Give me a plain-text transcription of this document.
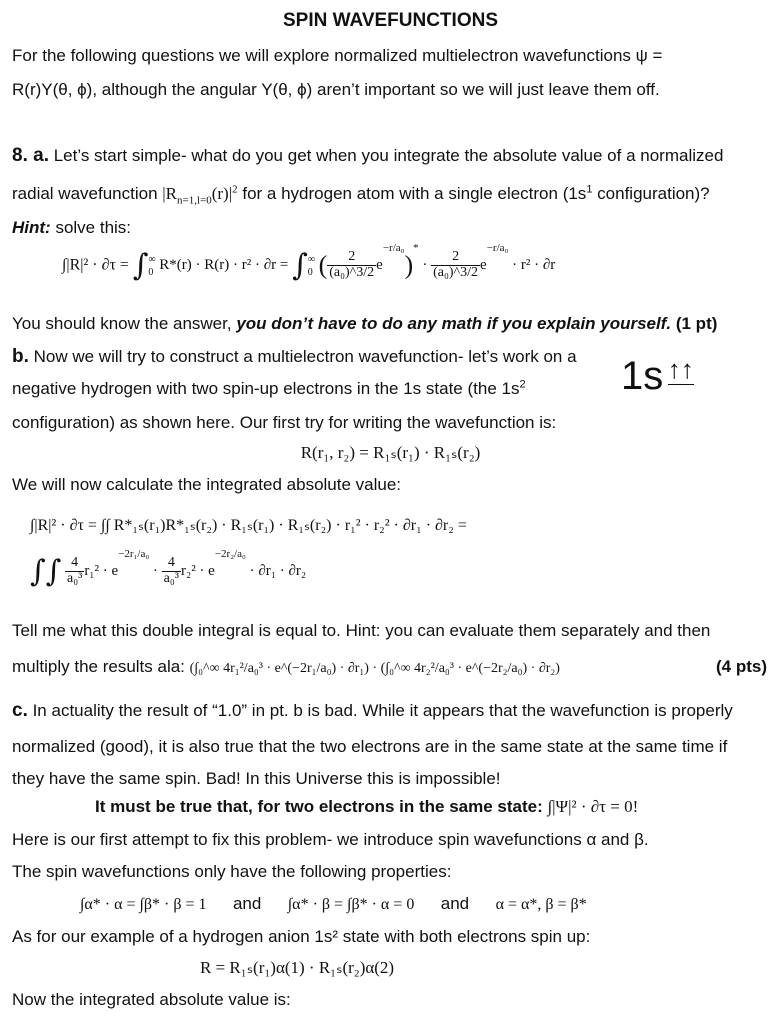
SPIN WAVEFUNCTIONS
For the following questions we will explore normalized multielectron wavefunctions ψ =
R(r)Y(θ, ϕ), although the angular Y(θ, ϕ) aren’t important so we will just leave them off.
8. a. Let’s start simple- what do you get when you integrate the absolute value of a normalized
radial wavefunction $|R_{n=1,l=0}(r)|^2$ for a hydrogen atom with a single electron ($1s^1$ configuration)?
Hint: solve this:
∫|R|² · ∂τ = ∫ ∞
0 R*(r) · R(r) · r² · ∂r = ∫ ∞
0 ( $\frac{2}{\text{(a₀)\textasciicircum{}3/2}} e^{-r/a_0})^* \cdot \frac{2}{\text{(a₀)\textasciicircum{}3/2}} e^{-r/a_0} \cdot r^2 \cdot \partial r$
You should know the answer, you don’t have to do any math if you explain yourself. (1 pt)
b. Now we will try to construct a multielectron wavefunction- let’s work on a
negative hydrogen with two spin-up electrons in the 1s state (the $1s^2$ 1s ↑↑
configuration) as shown here. Our first try for writing the wavefunction is:
R(r₁, r₂) = R₁ₛ(r₁) · R₁ₛ(r₂)
We will now calculate the integrated absolute value:
∫|R|² · ∂τ = ∫∫ R*₁ₛ(r₁)R*₁ₛ(r₂) · R₁ₛ(r₁) · R₁ₛ(r₂) · r₁² · r₂² · ∂r₁ · ∂r₂ =
∫∫ $\frac{4}{\text{a₀³}} r_1^2 \cdot e^{-2r_1/a_0} \cdot \frac{4}{\text{a₀³}} r_2^2 \cdot e^{-2r_2/a_0} \cdot \partial r_1 \cdot \partial r_2$
Tell me what this double integral is equal to. Hint: you can evaluate them separately and then
multiply the results ala: (∫₀^∞ 4r₁²/a₀³ · e^(−2r₁/a₀) · ∂r₁) · (∫₀^∞ 4r₂²/a₀³ · e^(−2r₂/a₀) · ∂r₂)	(4 pts)
c. In actuality the result of “1.0” in pt. b is bad. While it appears that the wavefunction is properly
normalized (good), it is also true that the two electrons are in the same state at the same time if
they have the same spin. Bad! In this Universe this is impossible!
It must be true that, for two electrons in the same state: ∫|Ψ|² · ∂τ = 0!
Here is our first attempt to fix this problem- we introduce spin wavefunctions α and β.
The spin wavefunctions only have the following properties:
∫α* · α = ∫β* · β = 1 and ∫α* · β = ∫β* · α = 0 and α = α*, β = β*
As for our example of a hydrogen anion 1s² state with both electrons spin up:
R = R₁ₛ(r₁)α(1) · R₁ₛ(r₂)α(2)
Now the integrated absolute value is:
